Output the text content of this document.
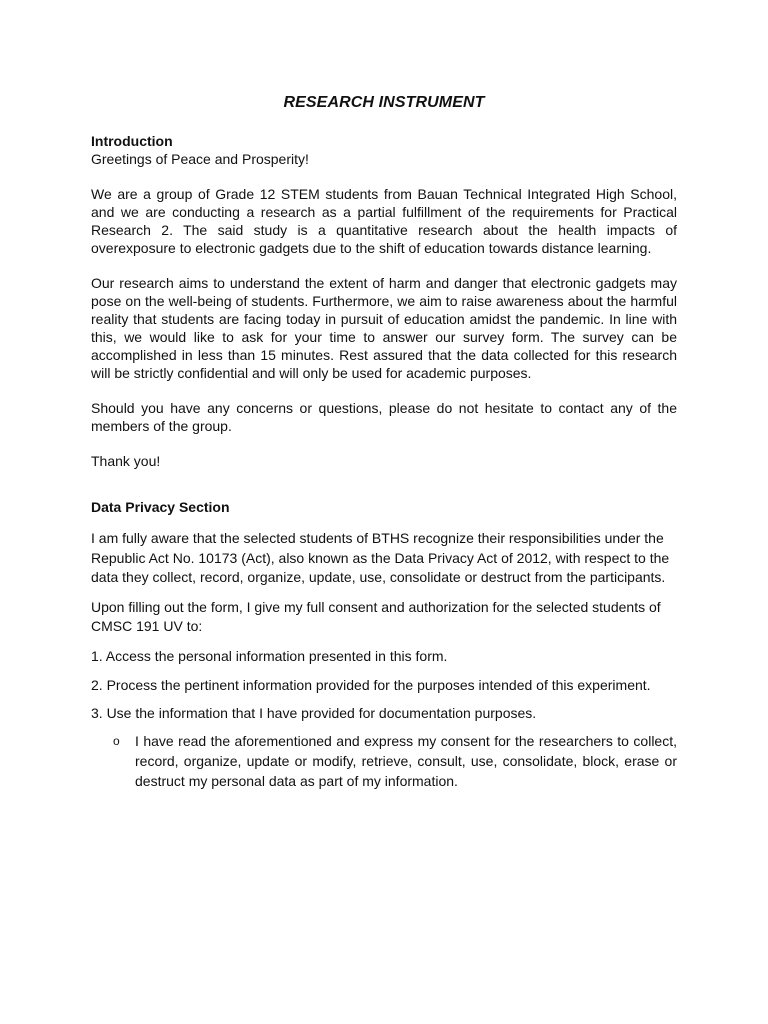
RESEARCH INSTRUMENT

Introduction

Greetings of Peace and Prosperity!

We are a group of Grade 12 STEM students from Bauan Technical Integrated High School, and we are conducting a research as a partial fulfillment of the requirements for Practical Research 2. The said study is a quantitative research about the health impacts of overexposure to electronic gadgets due to the shift of education towards distance learning.

Our research aims to understand the extent of harm and danger that electronic gadgets may pose on the well-being of students. Furthermore, we aim to raise awareness about the harmful reality that students are facing today in pursuit of education amidst the pandemic. In line with this, we would like to ask for your time to answer our survey form. The survey can be accomplished in less than 15 minutes. Rest assured that the data collected for this research will be strictly confidential and will only be used for academic purposes.

Should you have any concerns or questions, please do not hesitate to contact any of the members of the group.

Thank you!

Data Privacy Section

I am fully aware that the selected students of BTHS recognize their responsibilities under the Republic Act No. 10173 (Act), also known as the Data Privacy Act of 2012, with respect to the data they collect, record, organize, update, use, consolidate or destruct from the participants.

Upon filling out the form, I give my full consent and authorization for the selected students of CMSC 191 UV to:

1. Access the personal information presented in this form.

2. Process the pertinent information provided for the purposes intended of this experiment.

3. Use the information that I have provided for documentation purposes.

o	I have read the aforementioned and express my consent for the researchers to collect, record, organize, update or modify, retrieve, consult, use, consolidate, block, erase or destruct my personal data as part of my information.
